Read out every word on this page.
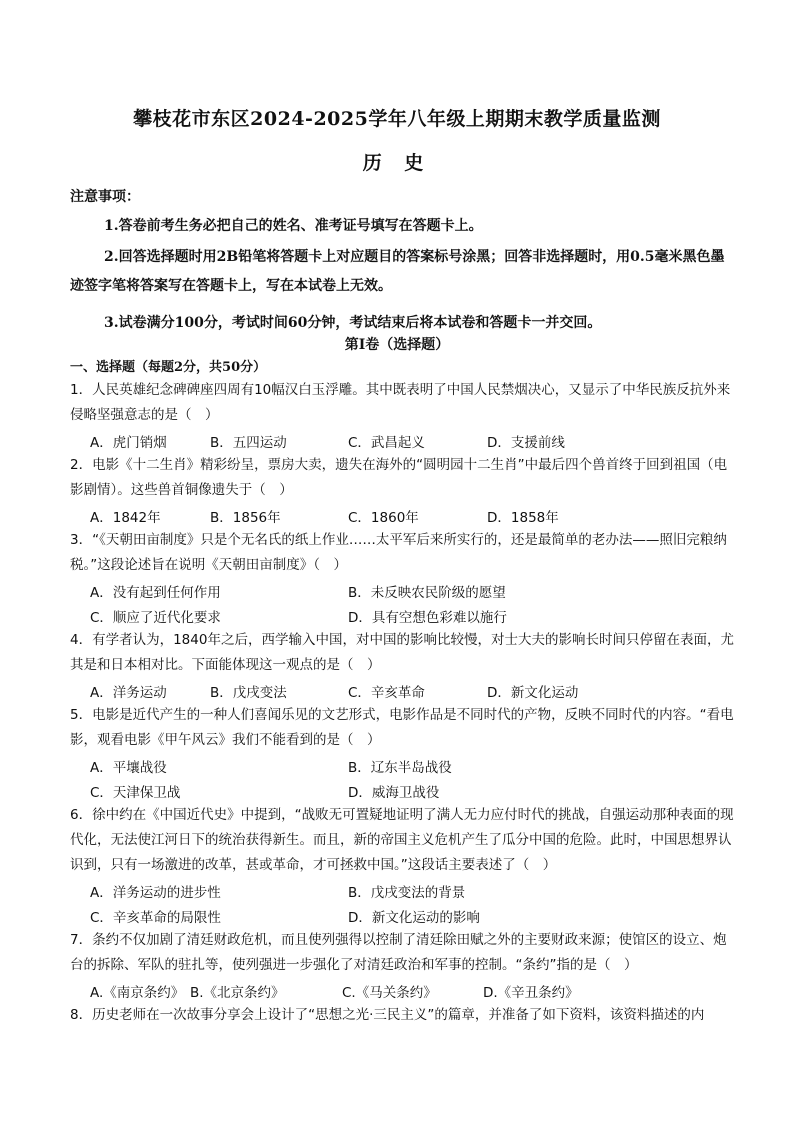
攀枝花市东区2024-2025学年八年级上期期末教学质量监测
历 史
注意事项：
1.答卷前考生务必把自己的姓名、准考证号填写在答题卡上。
2.回答选择题时用2B铅笔将答题卡上对应题目的答案标号涂黑；回答非选择题时，用0.5毫米黑色墨迹签字笔将答案写在答题卡上，写在本试卷上无效。
3.试卷满分100分，考试时间60分钟，考试结束后将本试卷和答题卡一并交回。
第Ⅰ卷（选择题）
一、选择题（每题2分，共50分）
1．人民英雄纪念碑碑座四周有10幅汉白玉浮雕。其中既表明了中国人民禁烟决心，又显示了中华民族反抗外来侵略坚强意志的是（　）
A．虎门销烟	B．五四运动	C．武昌起义	D．支援前线
2．电影《十二生肖》精彩纷呈，票房大卖，遗失在海外的“圆明园十二生肖”中最后四个兽首终于回到祖国（电影剧情）。这些兽首铜像遗失于（　）
A．1842年	B．1856年	C．1860年	D．1858年
3．“《天朝田亩制度》只是个无名氏的纸上作业……太平军后来所实行的，还是最简单的老办法——照旧完粮纳税。”这段论述旨在说明《天朝田亩制度》（　）
A．没有起到任何作用	B．未反映农民阶级的愿望
C．顺应了近代化要求	D．具有空想色彩难以施行
4．有学者认为，1840年之后，西学输入中国，对中国的影响比较慢，对士大夫的影响长时间只停留在表面，尤其是和日本相对比。下面能体现这一观点的是（　）
A．洋务运动	B．戊戌变法	C．辛亥革命	D．新文化运动
5．电影是近代产生的一种人们喜闻乐见的文艺形式，电影作品是不同时代的产物，反映不同时代的内容。“看电影，观看电影《甲午风云》我们不能看到的是（　）
A．平壤战役	B．辽东半岛战役
C．天津保卫战	D．威海卫战役
6．徐中约在《中国近代史》中提到，“战败无可置疑地证明了满人无力应付时代的挑战，自强运动那种表面的现代化，无法使江河日下的统治获得新生。而且，新的帝国主义危机产生了瓜分中国的危险。此时，中国思想界认识到，只有一场激进的改革，甚或革命，才可拯救中国。”这段话主要表述了（　）
A．洋务运动的进步性	B．戊戌变法的背景
C．辛亥革命的局限性	D．新文化运动的影响
7．条约不仅加剧了清廷财政危机，而且使列强得以控制了清廷除田赋之外的主要财政来源；使馆区的设立、炮台的拆除、军队的驻扎等，使列强进一步强化了对清廷政治和军事的控制。“条约”指的是（　）
A.《南京条约》 B.《北京条约》	C.《马关条约》	D.《辛丑条约》
8．历史老师在一次故事分享会上设计了“思想之光·三民主义”的篇章，并准备了如下资料，该资料描述的内
